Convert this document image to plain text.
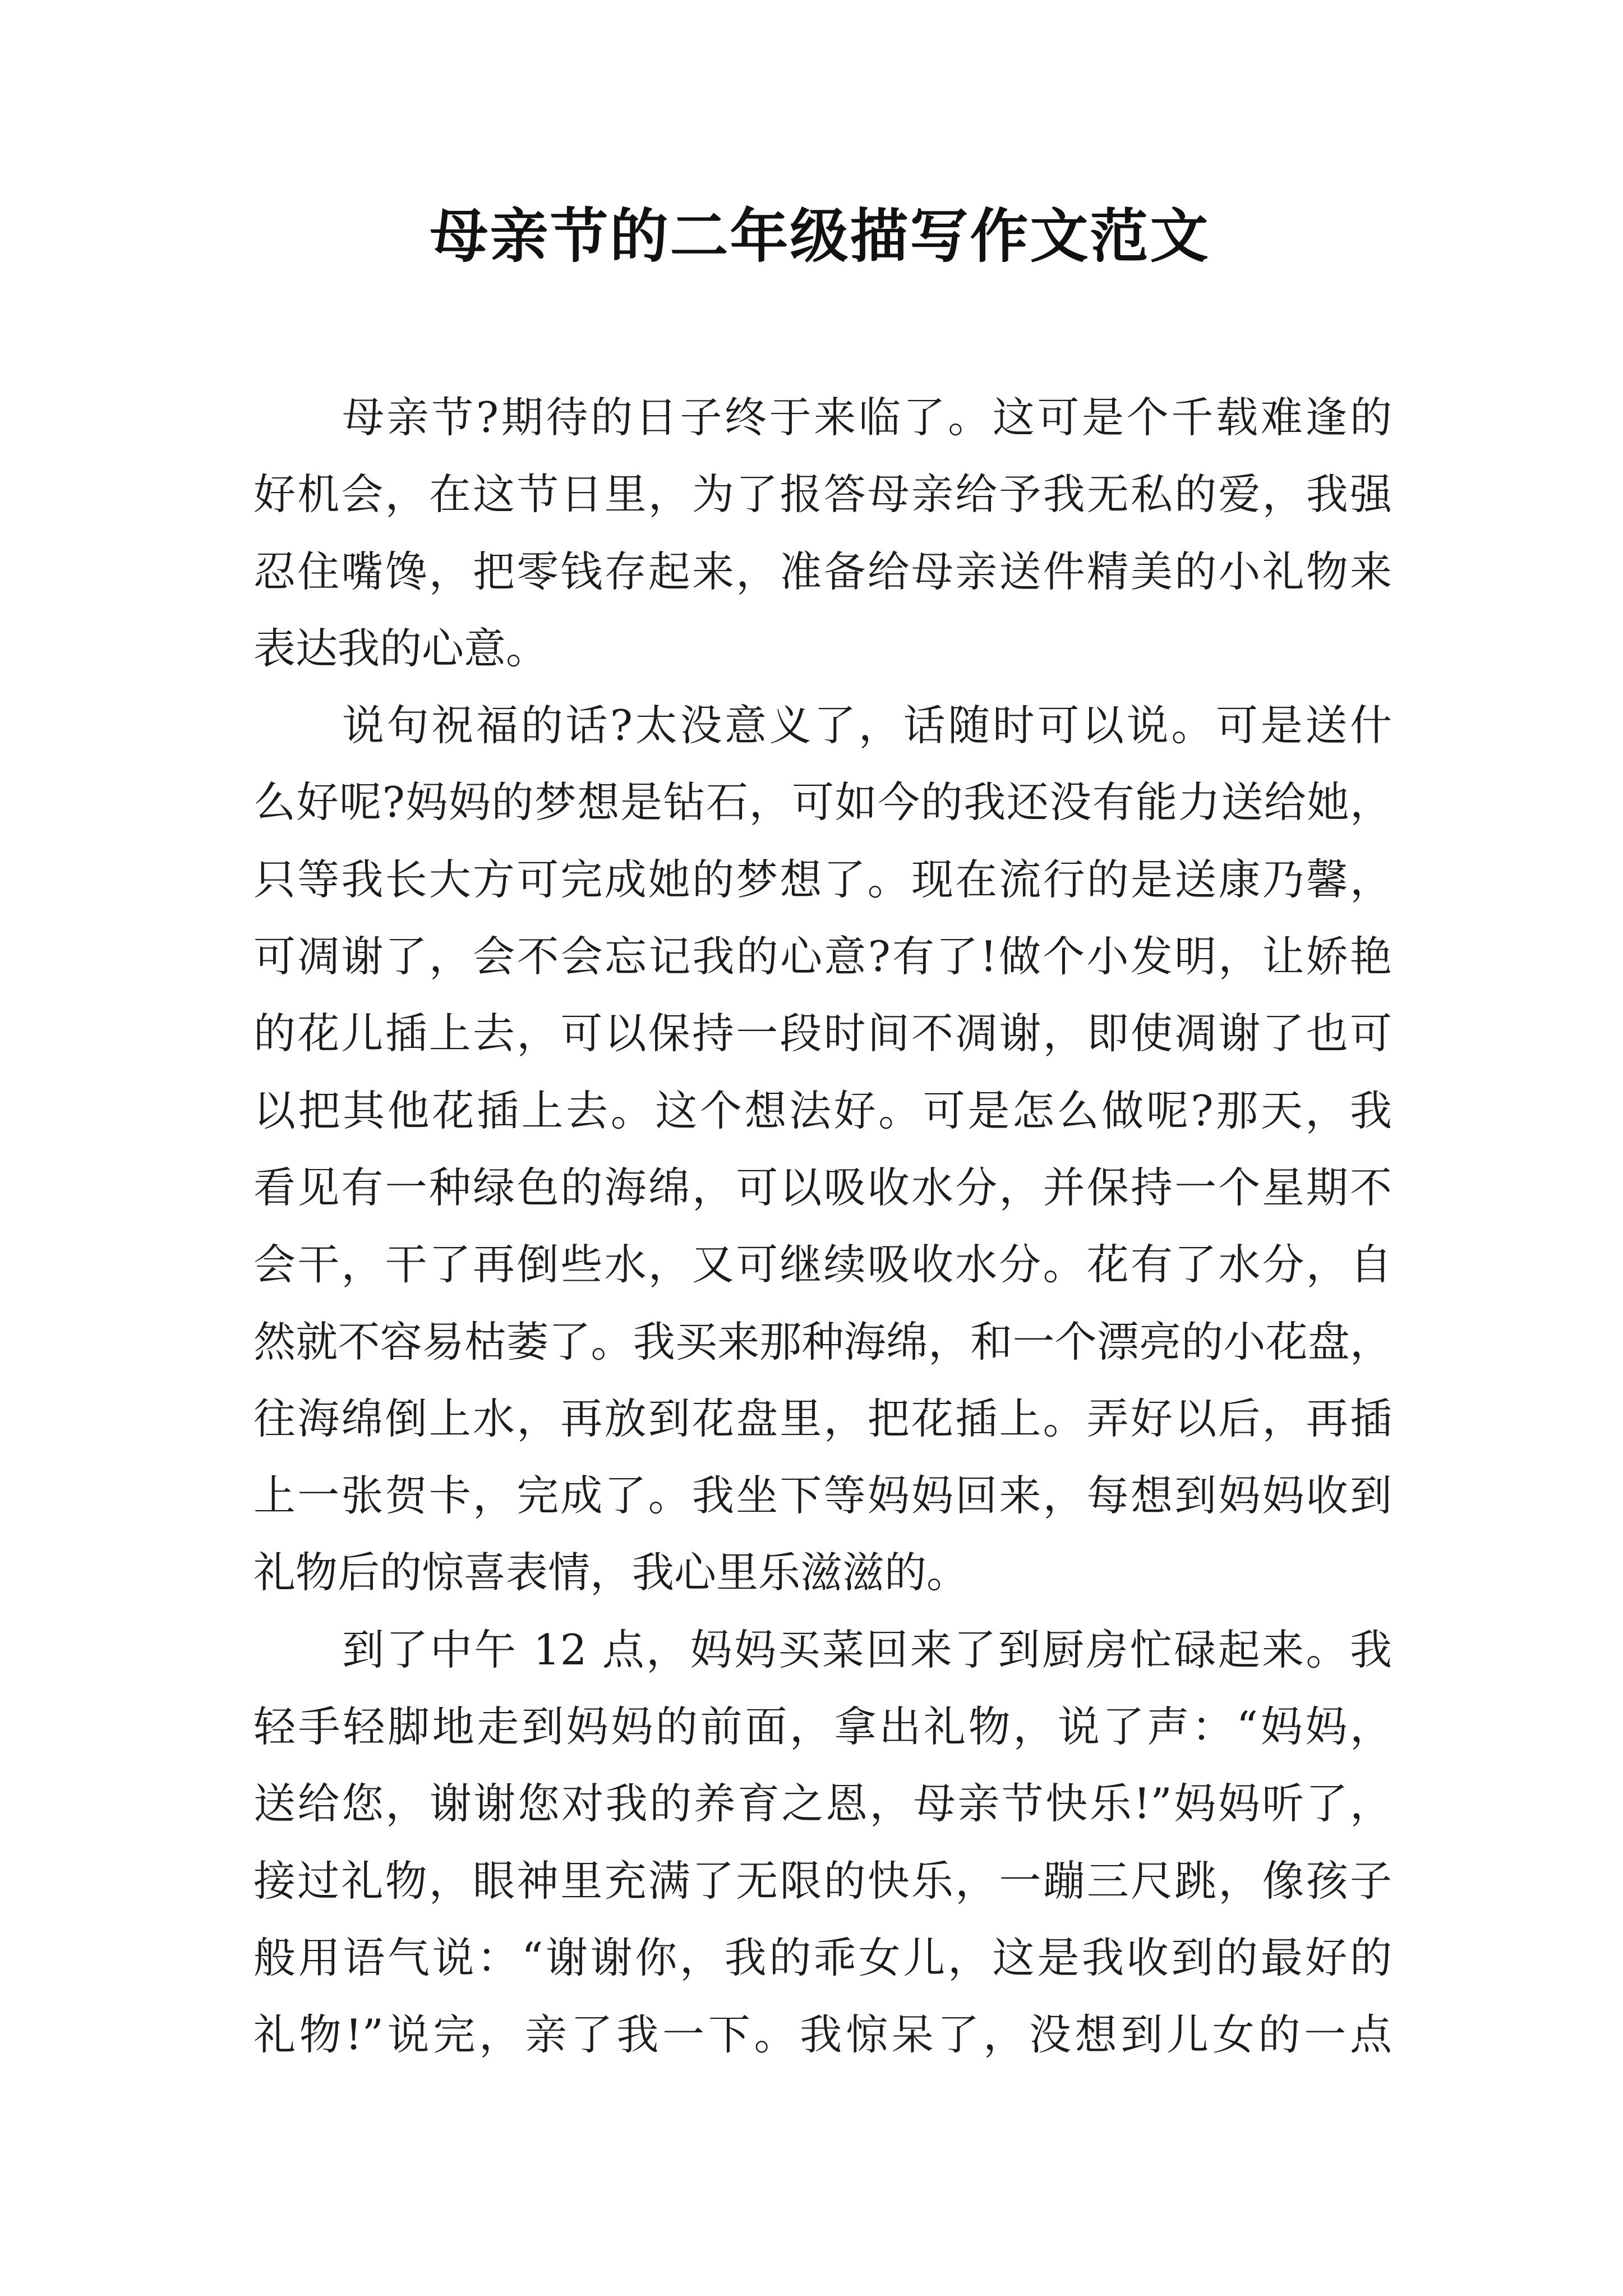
母亲节的二年级描写作文范文
母亲节?期待的日子终于来临了。这可是个千载难逢的
好机会，在这节日里，为了报答母亲给予我无私的爱，我强
忍住嘴馋，把零钱存起来，准备给母亲送件精美的小礼物来
表达我的心意。
说句祝福的话?太没意义了，话随时可以说。可是送什
么好呢?妈妈的梦想是钻石，可如今的我还没有能力送给她，
只等我长大方可完成她的梦想了。现在流行的是送康乃馨，
可凋谢了，会不会忘记我的心意?有了!做个小发明，让娇艳
的花儿插上去，可以保持一段时间不凋谢，即使凋谢了也可
以把其他花插上去。这个想法好。可是怎么做呢?那天，我
看见有一种绿色的海绵，可以吸收水分，并保持一个星期不
会干，干了再倒些水，又可继续吸收水分。花有了水分，自
然就不容易枯萎了。我买来那种海绵，和一个漂亮的小花盘，
往海绵倒上水，再放到花盘里，把花插上。弄好以后，再插
上一张贺卡，完成了。我坐下等妈妈回来，每想到妈妈收到
礼物后的惊喜表情，我心里乐滋滋的。
到了中午 12 点，妈妈买菜回来了到厨房忙碌起来。我
轻手轻脚地走到妈妈的前面，拿出礼物，说了声：“妈妈，
送给您，谢谢您对我的养育之恩，母亲节快乐!”妈妈听了，
接过礼物，眼神里充满了无限的快乐，一蹦三尺跳，像孩子
般用语气说：“谢谢你，我的乖女儿，这是我收到的最好的
礼物!”说完，亲了我一下。我惊呆了，没想到儿女的一点
